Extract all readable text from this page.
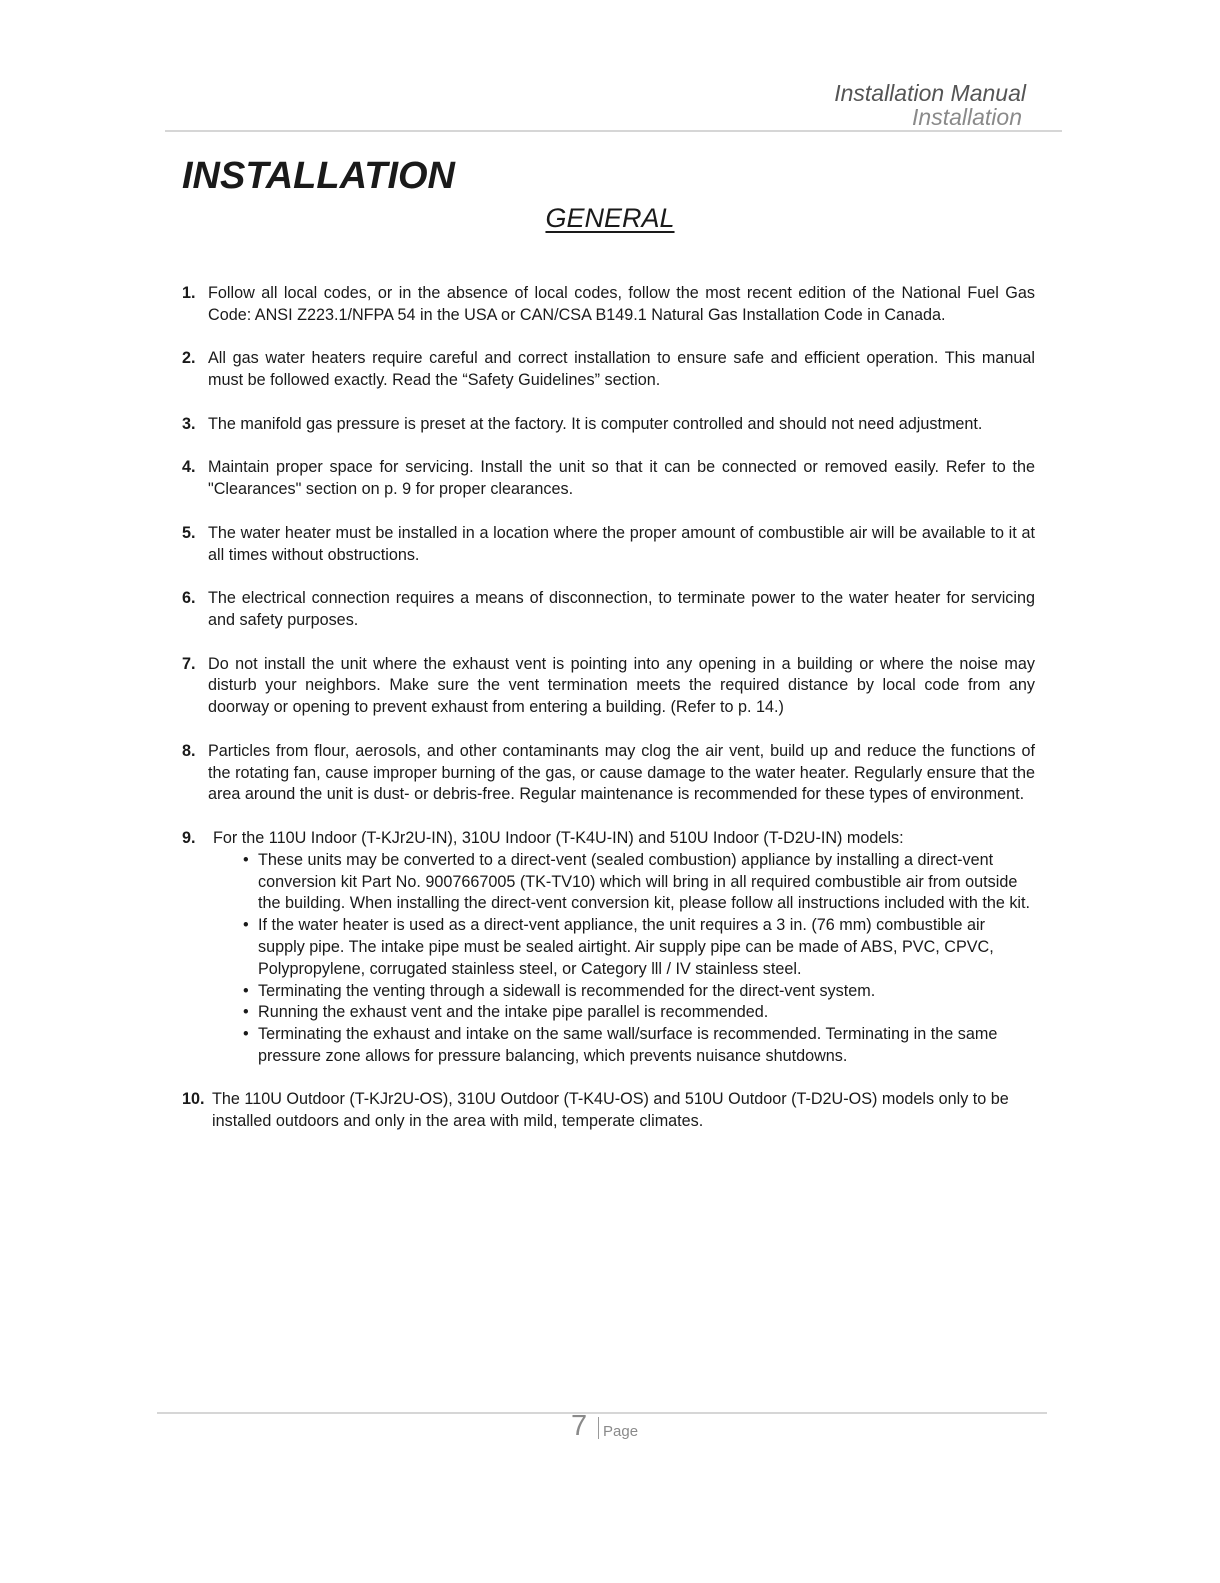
Installation Manual
Installation
INSTALLATION
GENERAL
1. Follow all local codes, or in the absence of local codes, follow the most recent edition of the National Fuel Gas Code: ANSI Z223.1/NFPA 54 in the USA or CAN/CSA B149.1 Natural Gas Installation Code in Canada.
2. All gas water heaters require careful and correct installation to ensure safe and efficient operation. This manual must be followed exactly. Read the “Safety Guidelines” section.
3. The manifold gas pressure is preset at the factory. It is computer controlled and should not need adjustment.
4. Maintain proper space for servicing. Install the unit so that it can be connected or removed easily. Refer to the "Clearances" section on p. 9 for proper clearances.
5. The water heater must be installed in a location where the proper amount of combustible air will be available to it at all times without obstructions.
6. The electrical connection requires a means of disconnection, to terminate power to the water heater for servicing and safety purposes.
7. Do not install the unit where the exhaust vent is pointing into any opening in a building or where the noise may disturb your neighbors. Make sure the vent termination meets the required distance by local code from any doorway or opening to prevent exhaust from entering a building. (Refer to p. 14.)
8. Particles from flour, aerosols, and other contaminants may clog the air vent, build up and reduce the functions of the rotating fan, cause improper burning of the gas, or cause damage to the water heater. Regularly ensure that the area around the unit is dust- or debris-free. Regular maintenance is recommended for these types of environment.
9.	For the 110U Indoor (T-KJr2U-IN), 310U Indoor (T-K4U-IN) and 510U Indoor (T-D2U-IN) models:
• These units may be converted to a direct-vent (sealed combustion) appliance by installing a direct-vent conversion kit Part No. 9007667005 (TK-TV10) which will bring in all required combustible air from outside the building. When installing the direct-vent conversion kit, please follow all instructions included with the kit.
• If the water heater is used as a direct-vent appliance, the unit requires a 3 in. (76 mm) combustible air supply pipe. The intake pipe must be sealed airtight. Air supply pipe can be made of ABS, PVC, CPVC, Polypropylene, corrugated stainless steel, or Category lll / IV stainless steel.
• Terminating the venting through a sidewall is recommended for the direct-vent system.
• Running the exhaust vent and the intake pipe parallel is recommended.
• Terminating the exhaust and intake on the same wall/surface is recommended. Terminating in the same pressure zone allows for pressure balancing, which prevents nuisance shutdowns.
10. The 110U Outdoor (T-KJr2U-OS), 310U Outdoor (T-K4U-OS) and 510U Outdoor (T-D2U-OS) models only to be installed outdoors and only in the area with mild, temperate climates.
7 Page
